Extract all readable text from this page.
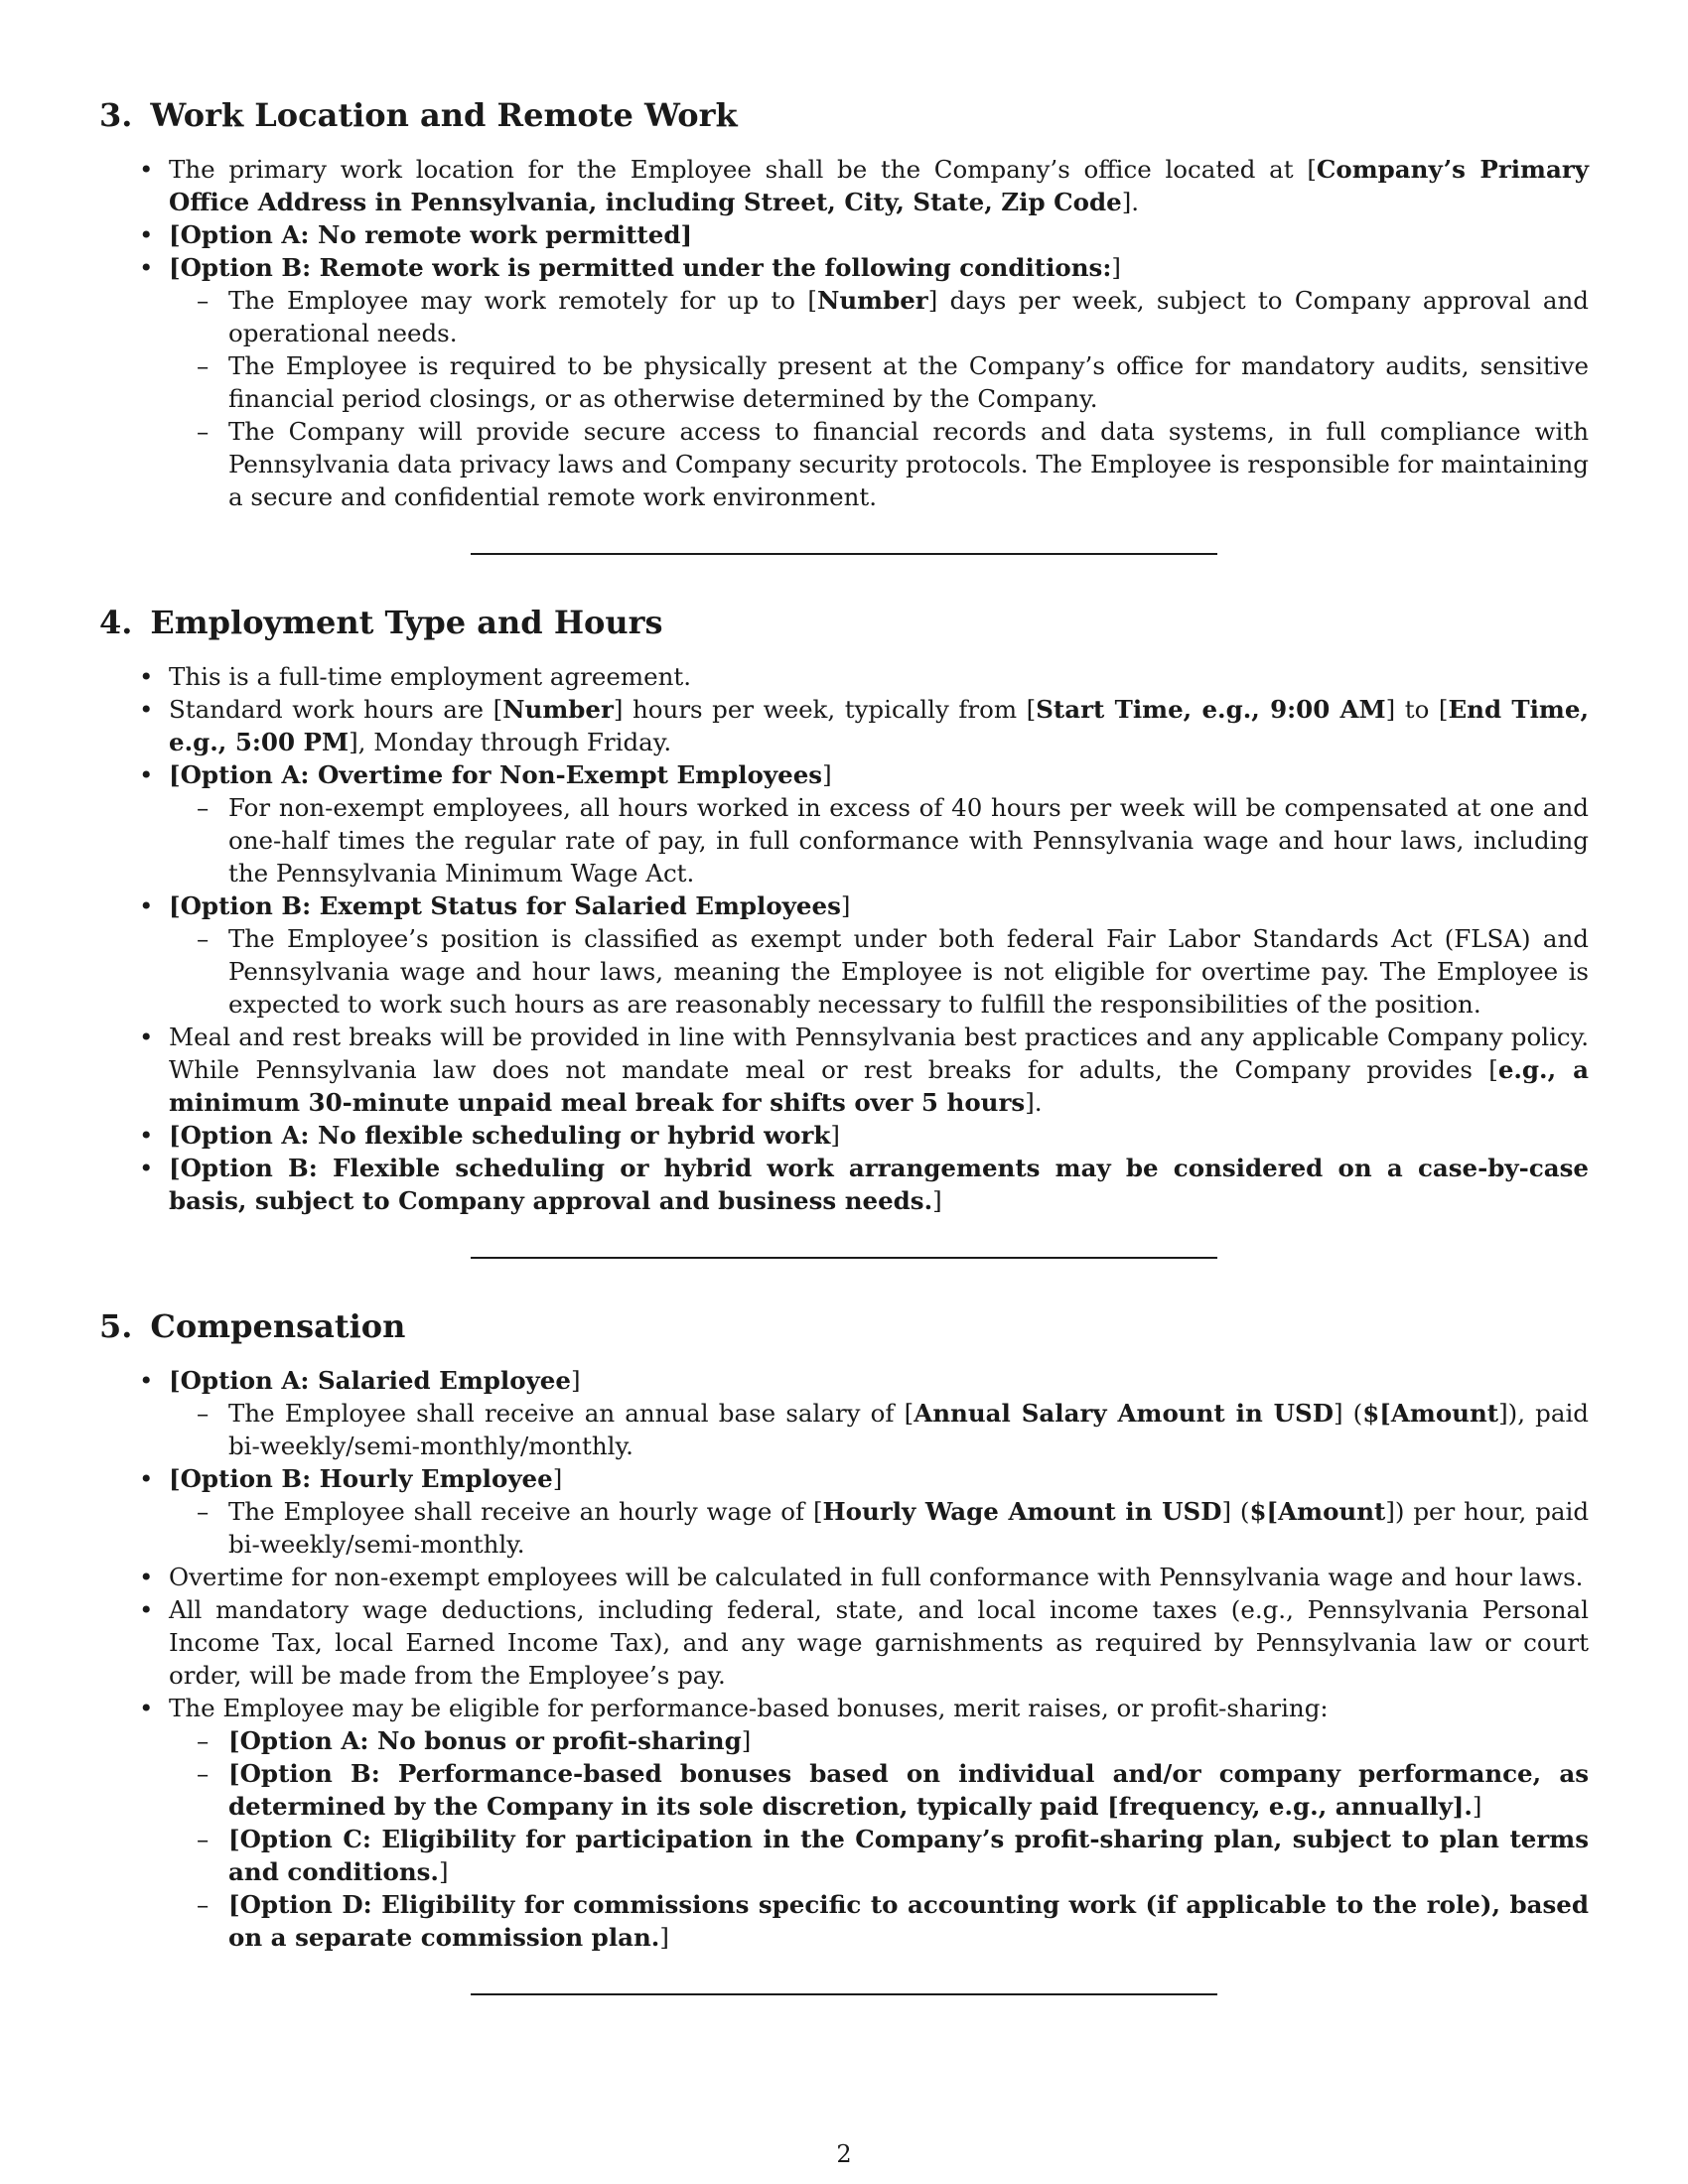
3. Work Location and Remote Work
• The primary work location for the Employee shall be the Company’s office located at [Company’s Primary Office Address in Pennsylvania, including Street, City, State, Zip Code].
• [Option A: No remote work permitted]
• [Option B: Remote work is permitted under the following conditions:]
– The Employee may work remotely for up to [Number] days per week, subject to Company approval and operational needs.
– The Employee is required to be physically present at the Company’s office for mandatory audits, sensitive financial period closings, or as otherwise determined by the Company.
– The Company will provide secure access to financial records and data systems, in full compliance with Pennsylvania data privacy laws and Company security protocols. The Employee is responsible for maintaining a secure and confidential remote work environment.
4. Employment Type and Hours
• This is a full-time employment agreement.
• Standard work hours are [Number] hours per week, typically from [Start Time, e.g., 9:00 AM] to [End Time, e.g., 5:00 PM], Monday through Friday.
• [Option A: Overtime for Non-Exempt Employees]
– For non-exempt employees, all hours worked in excess of 40 hours per week will be compensated at one and one-half times the regular rate of pay, in full conformance with Pennsylvania wage and hour laws, including the Pennsylvania Minimum Wage Act.
• [Option B: Exempt Status for Salaried Employees]
– The Employee’s position is classified as exempt under both federal Fair Labor Standards Act (FLSA) and Pennsylvania wage and hour laws, meaning the Employee is not eligible for overtime pay. The Employee is expected to work such hours as are reasonably necessary to fulfill the responsibilities of the position.
• Meal and rest breaks will be provided in line with Pennsylvania best practices and any applicable Company policy. While Pennsylvania law does not mandate meal or rest breaks for adults, the Company provides [e.g., a minimum 30-minute unpaid meal break for shifts over 5 hours].
• [Option A: No flexible scheduling or hybrid work]
• [Option B: Flexible scheduling or hybrid work arrangements may be considered on a case-by-case basis, subject to Company approval and business needs.]
5. Compensation
• [Option A: Salaried Employee]
– The Employee shall receive an annual base salary of [Annual Salary Amount in USD] ($[Amount]), paid bi-weekly/semi-monthly/monthly.
• [Option B: Hourly Employee]
– The Employee shall receive an hourly wage of [Hourly Wage Amount in USD] ($[Amount]) per hour, paid bi-weekly/semi-monthly.
• Overtime for non-exempt employees will be calculated in full conformance with Pennsylvania wage and hour laws.
• All mandatory wage deductions, including federal, state, and local income taxes (e.g., Pennsylvania Personal Income Tax, local Earned Income Tax), and any wage garnishments as required by Pennsylvania law or court order, will be made from the Employee’s pay.
• The Employee may be eligible for performance-based bonuses, merit raises, or profit-sharing:
– [Option A: No bonus or profit-sharing]
– [Option B: Performance-based bonuses based on individual and/or company performance, as determined by the Company in its sole discretion, typically paid [frequency, e.g., annually].]
– [Option C: Eligibility for participation in the Company’s profit-sharing plan, subject to plan terms and conditions.]
– [Option D: Eligibility for commissions specific to accounting work (if applicable to the role), based on a separate commission plan.]
2
